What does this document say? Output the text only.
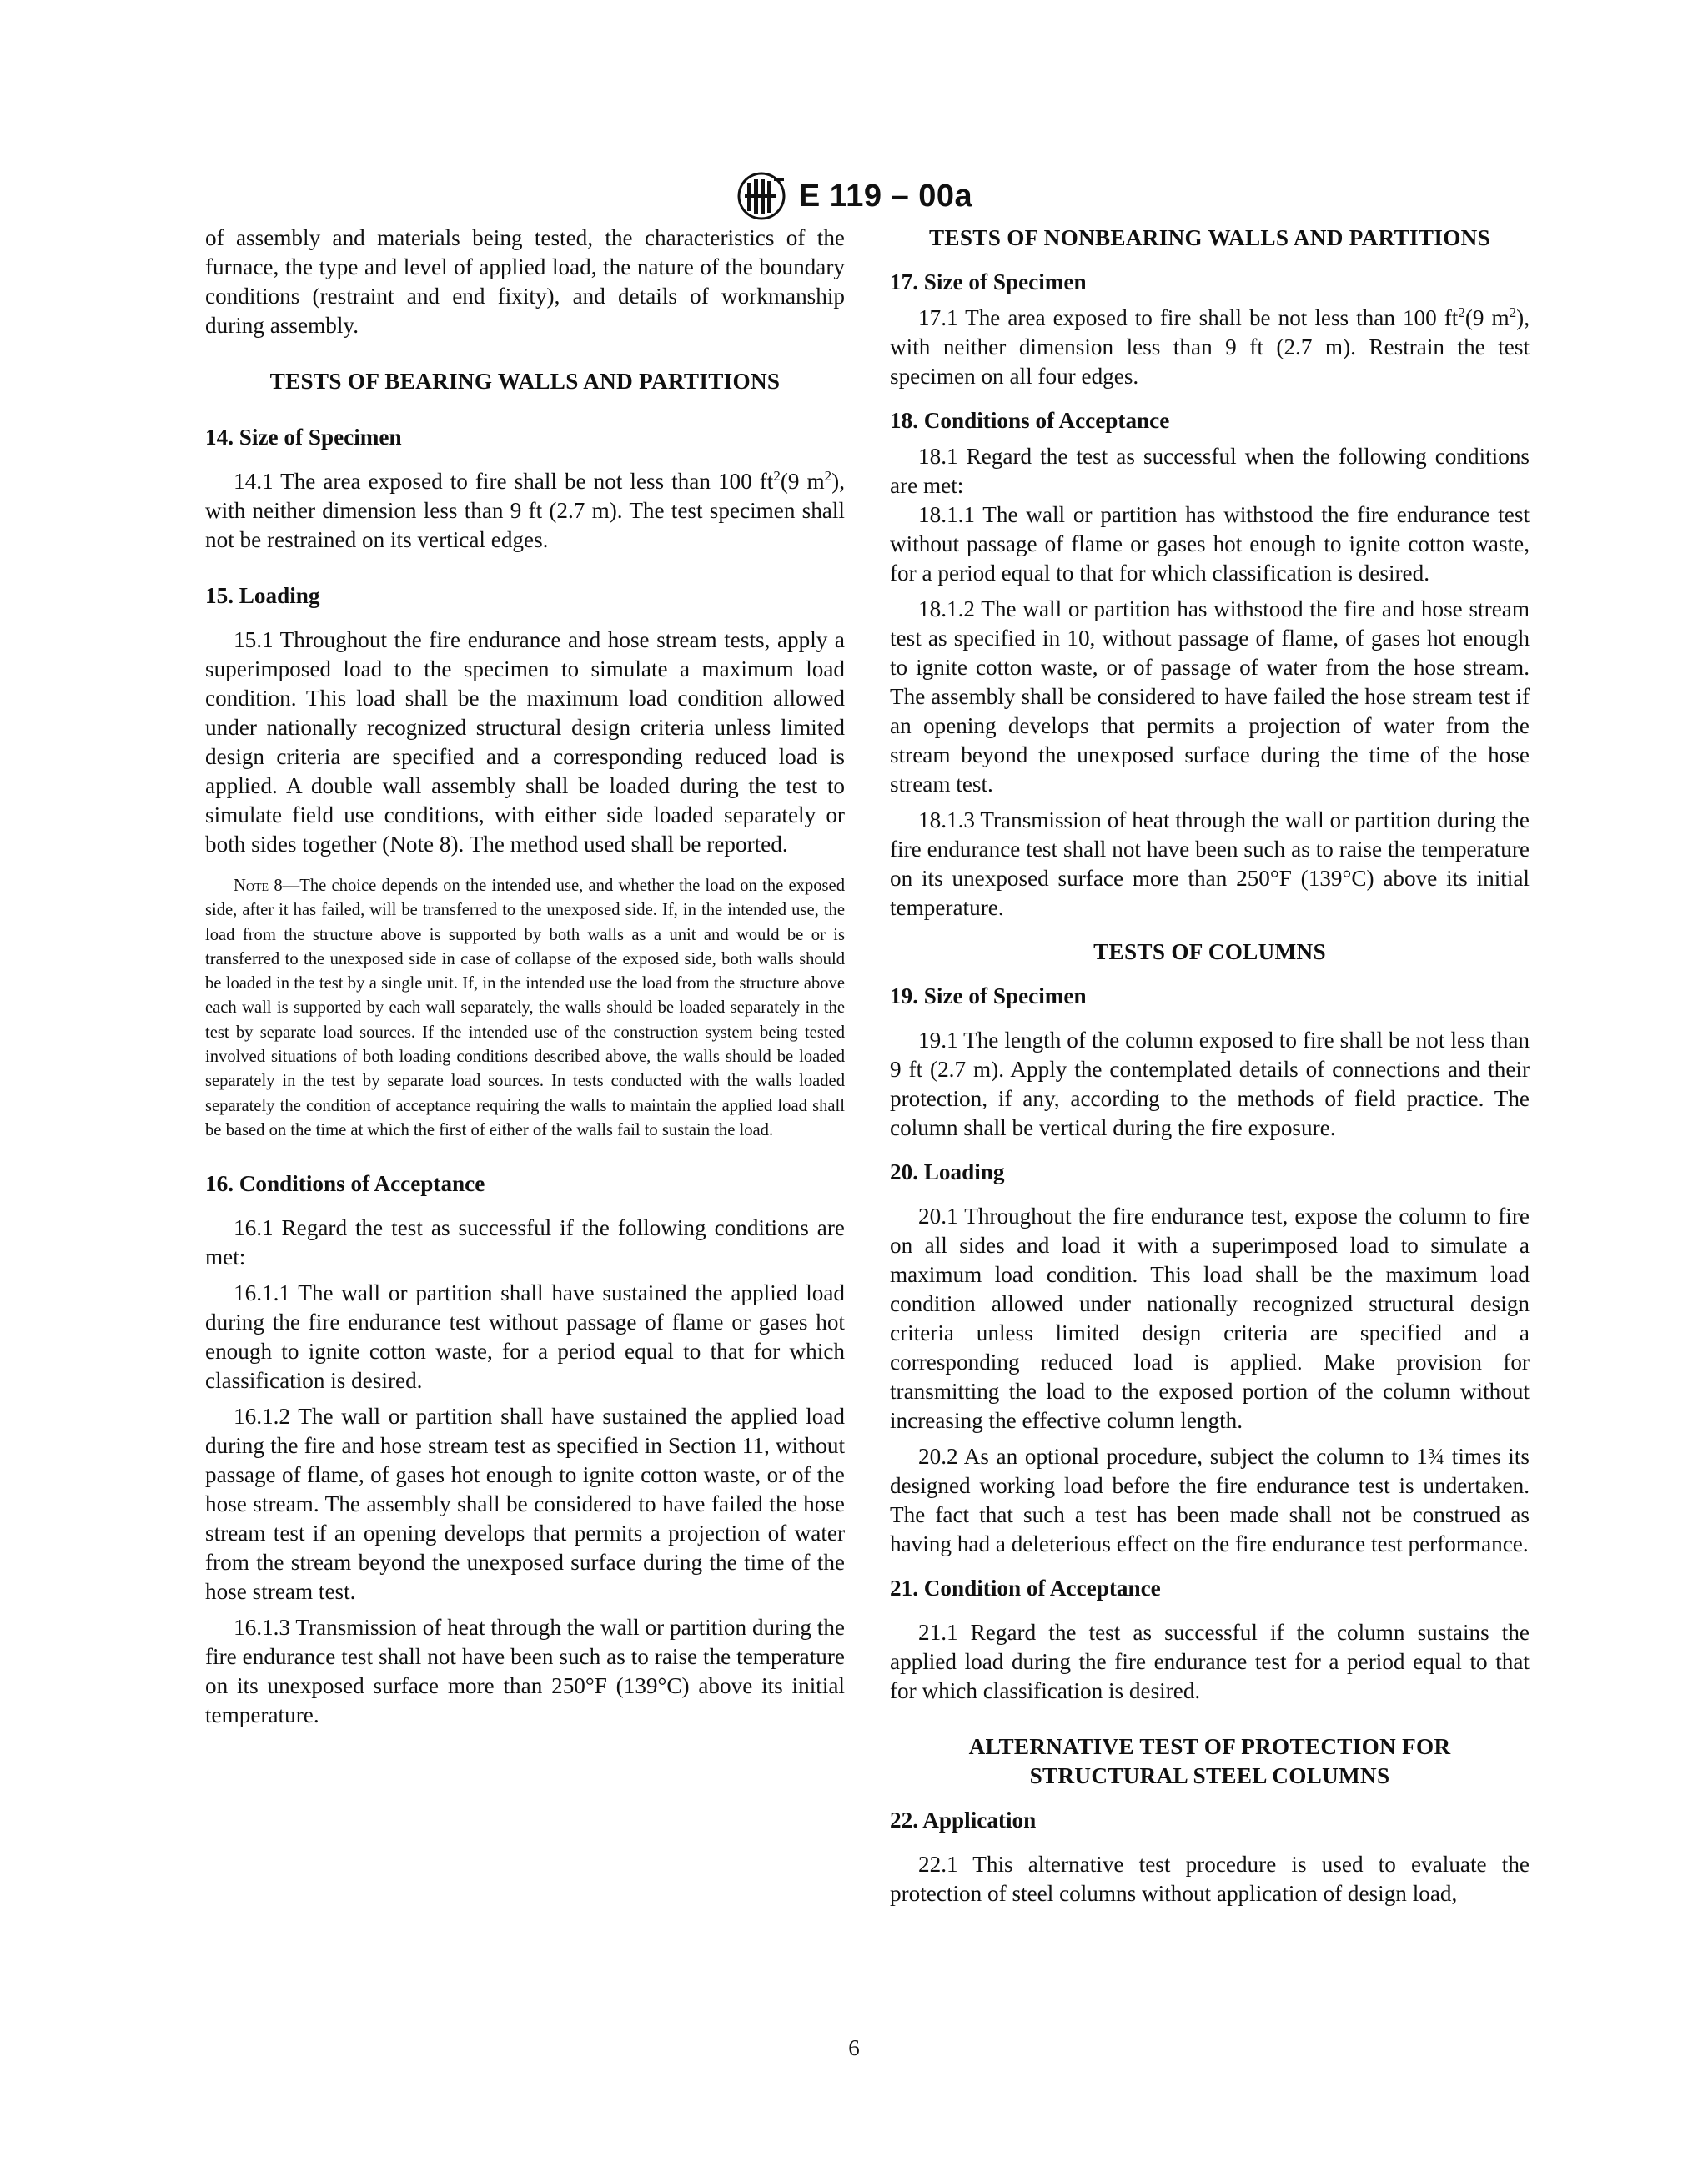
E 119 – 00a

of assembly and materials being tested, the characteristics of the furnace, the type and level of applied load, the nature of the boundary conditions (restraint and end fixity), and details of workmanship during assembly.

TESTS OF BEARING WALLS AND PARTITIONS
14. Size of Specimen

14.1 The area exposed to fire shall be not less than 100 $ft^2(9$ $m^2$), with neither dimension less than 9 ft (2.7 m). The test specimen shall not be restrained on its vertical edges.

15. Loading

15.1 Throughout the fire endurance and hose stream tests, apply a superimposed load to the specimen to simulate a maximum load condition. This load shall be the maximum load condition allowed under nationally recognized structural design criteria unless limited design criteria are specified and a corresponding reduced load is applied. A double wall assembly shall be loaded during the test to simulate field use conditions, with either side loaded separately or both sides together (Note 8). The method used shall be reported.

Note 8—The choice depends on the intended use, and whether the load on the exposed side, after it has failed, will be transferred to the unexposed side. If, in the intended use, the load from the structure above is supported by both walls as a unit and would be or is transferred to the unexposed side in case of collapse of the exposed side, both walls should be loaded in the test by a single unit. If, in the intended use the load from the structure above each wall is supported by each wall separately, the walls should be loaded separately in the test by separate load sources. If the intended use of the construction system being tested involved situations of both loading conditions described above, the walls should be loaded separately in the test by separate load sources. In tests conducted with the walls loaded separately the condition of acceptance requiring the walls to maintain the applied load shall be based on the time at which the first of either of the walls fail to sustain the load.

16. Conditions of Acceptance

16.1 Regard the test as successful if the following conditions are met:

16.1.1 The wall or partition shall have sustained the applied load during the fire endurance test without passage of flame or gases hot enough to ignite cotton waste, for a period equal to that for which classification is desired.

16.1.2 The wall or partition shall have sustained the applied load during the fire and hose stream test as specified in Section 11, without passage of flame, of gases hot enough to ignite cotton waste, or of the hose stream. The assembly shall be considered to have failed the hose stream test if an opening develops that permits a projection of water from the stream beyond the unexposed surface during the time of the hose stream test.

16.1.3 Transmission of heat through the wall or partition during the fire endurance test shall not have been such as to raise the temperature on its unexposed surface more than 250°F (139°C) above its initial temperature.

TESTS OF NONBEARING WALLS AND PARTITIONS
17. Size of Specimen

17.1 The area exposed to fire shall be not less than 100 $ft^2(9$ $m^2$), with neither dimension less than 9 ft (2.7 m). Restrain the test specimen on all four edges.

18. Conditions of Acceptance

18.1 Regard the test as successful when the following conditions are met:

18.1.1 The wall or partition has withstood the fire endurance test without passage of flame or gases hot enough to ignite cotton waste, for a period equal to that for which classification is desired.

18.1.2 The wall or partition has withstood the fire and hose stream test as specified in 10, without passage of flame, of gases hot enough to ignite cotton waste, or of passage of water from the hose stream. The assembly shall be considered to have failed the hose stream test if an opening develops that permits a projection of water from the stream beyond the unexposed surface during the time of the hose stream test.

18.1.3 Transmission of heat through the wall or partition during the fire endurance test shall not have been such as to raise the temperature on its unexposed surface more than 250°F (139°C) above its initial temperature.

TESTS OF COLUMNS
19. Size of Specimen

19.1 The length of the column exposed to fire shall be not less than 9 ft (2.7 m). Apply the contemplated details of connections and their protection, if any, according to the methods of field practice. The column shall be vertical during the fire exposure.

20. Loading

20.1 Throughout the fire endurance test, expose the column to fire on all sides and load it with a superimposed load to simulate a maximum load condition. This load shall be the maximum load condition allowed under nationally recognized structural design criteria unless limited design criteria are specified and a corresponding reduced load is applied. Make provision for transmitting the load to the exposed portion of the column without increasing the effective column length.

20.2 As an optional procedure, subject the column to 1¾ times its designed working load before the fire endurance test is undertaken. The fact that such a test has been made shall not be construed as having had a deleterious effect on the fire endurance test performance.

21. Condition of Acceptance

21.1 Regard the test as successful if the column sustains the applied load during the fire endurance test for a period equal to that for which classification is desired.

ALTERNATIVE TEST OF PROTECTION FOR
STRUCTURAL STEEL COLUMNS
22. Application

22.1 This alternative test procedure is used to evaluate the protection of steel columns without application of design load,

6
